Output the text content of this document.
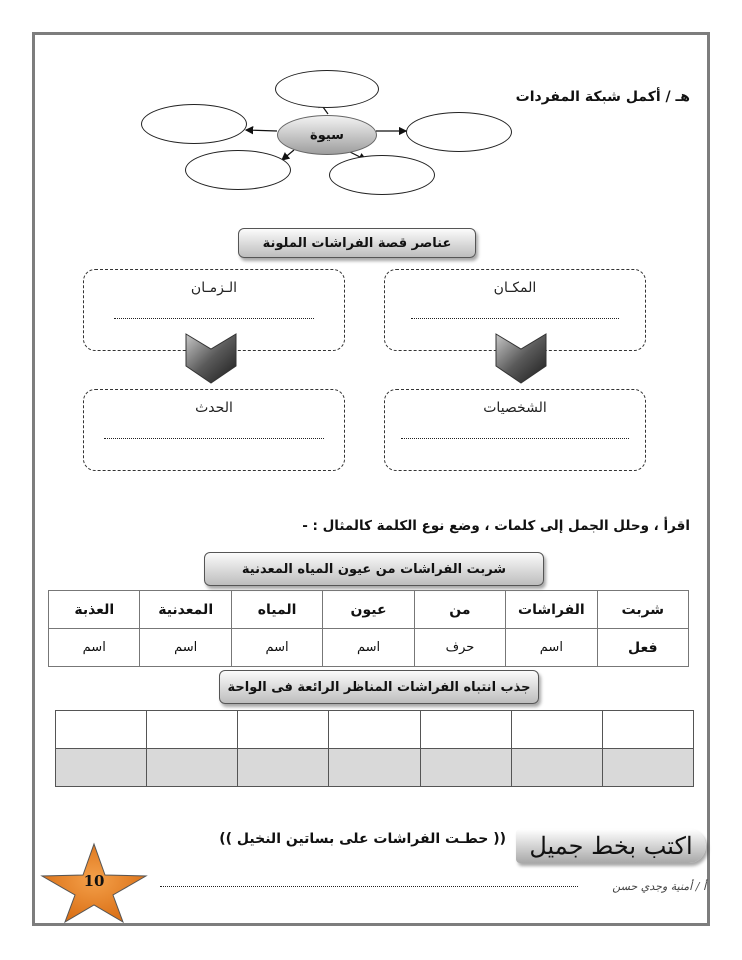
هـ / أكمل شبكة المفردات
سيوة
عناصر قصة الفراشات الملونة
المكـان
الـزمـان
الشخصيات
الحدث
اقرأ ، وحلل الجمل إلى كلمات ، وضع نوع الكلمة كالمثال : -
شربت الفراشات من عيون المياه المعدنية
شربت	الفراشات	من	عيون	المياه	المعدنية	العذبة
فعل	اسم	حرف	اسم	اسم	اسم	اسم
جذب انتباه الفراشات المناظر الرائعة فى الواحة

اكتب بخط جميل
(( حطـت الفراشات على بساتين النخيل ))
أ / أمنية وجدي حسن
10
